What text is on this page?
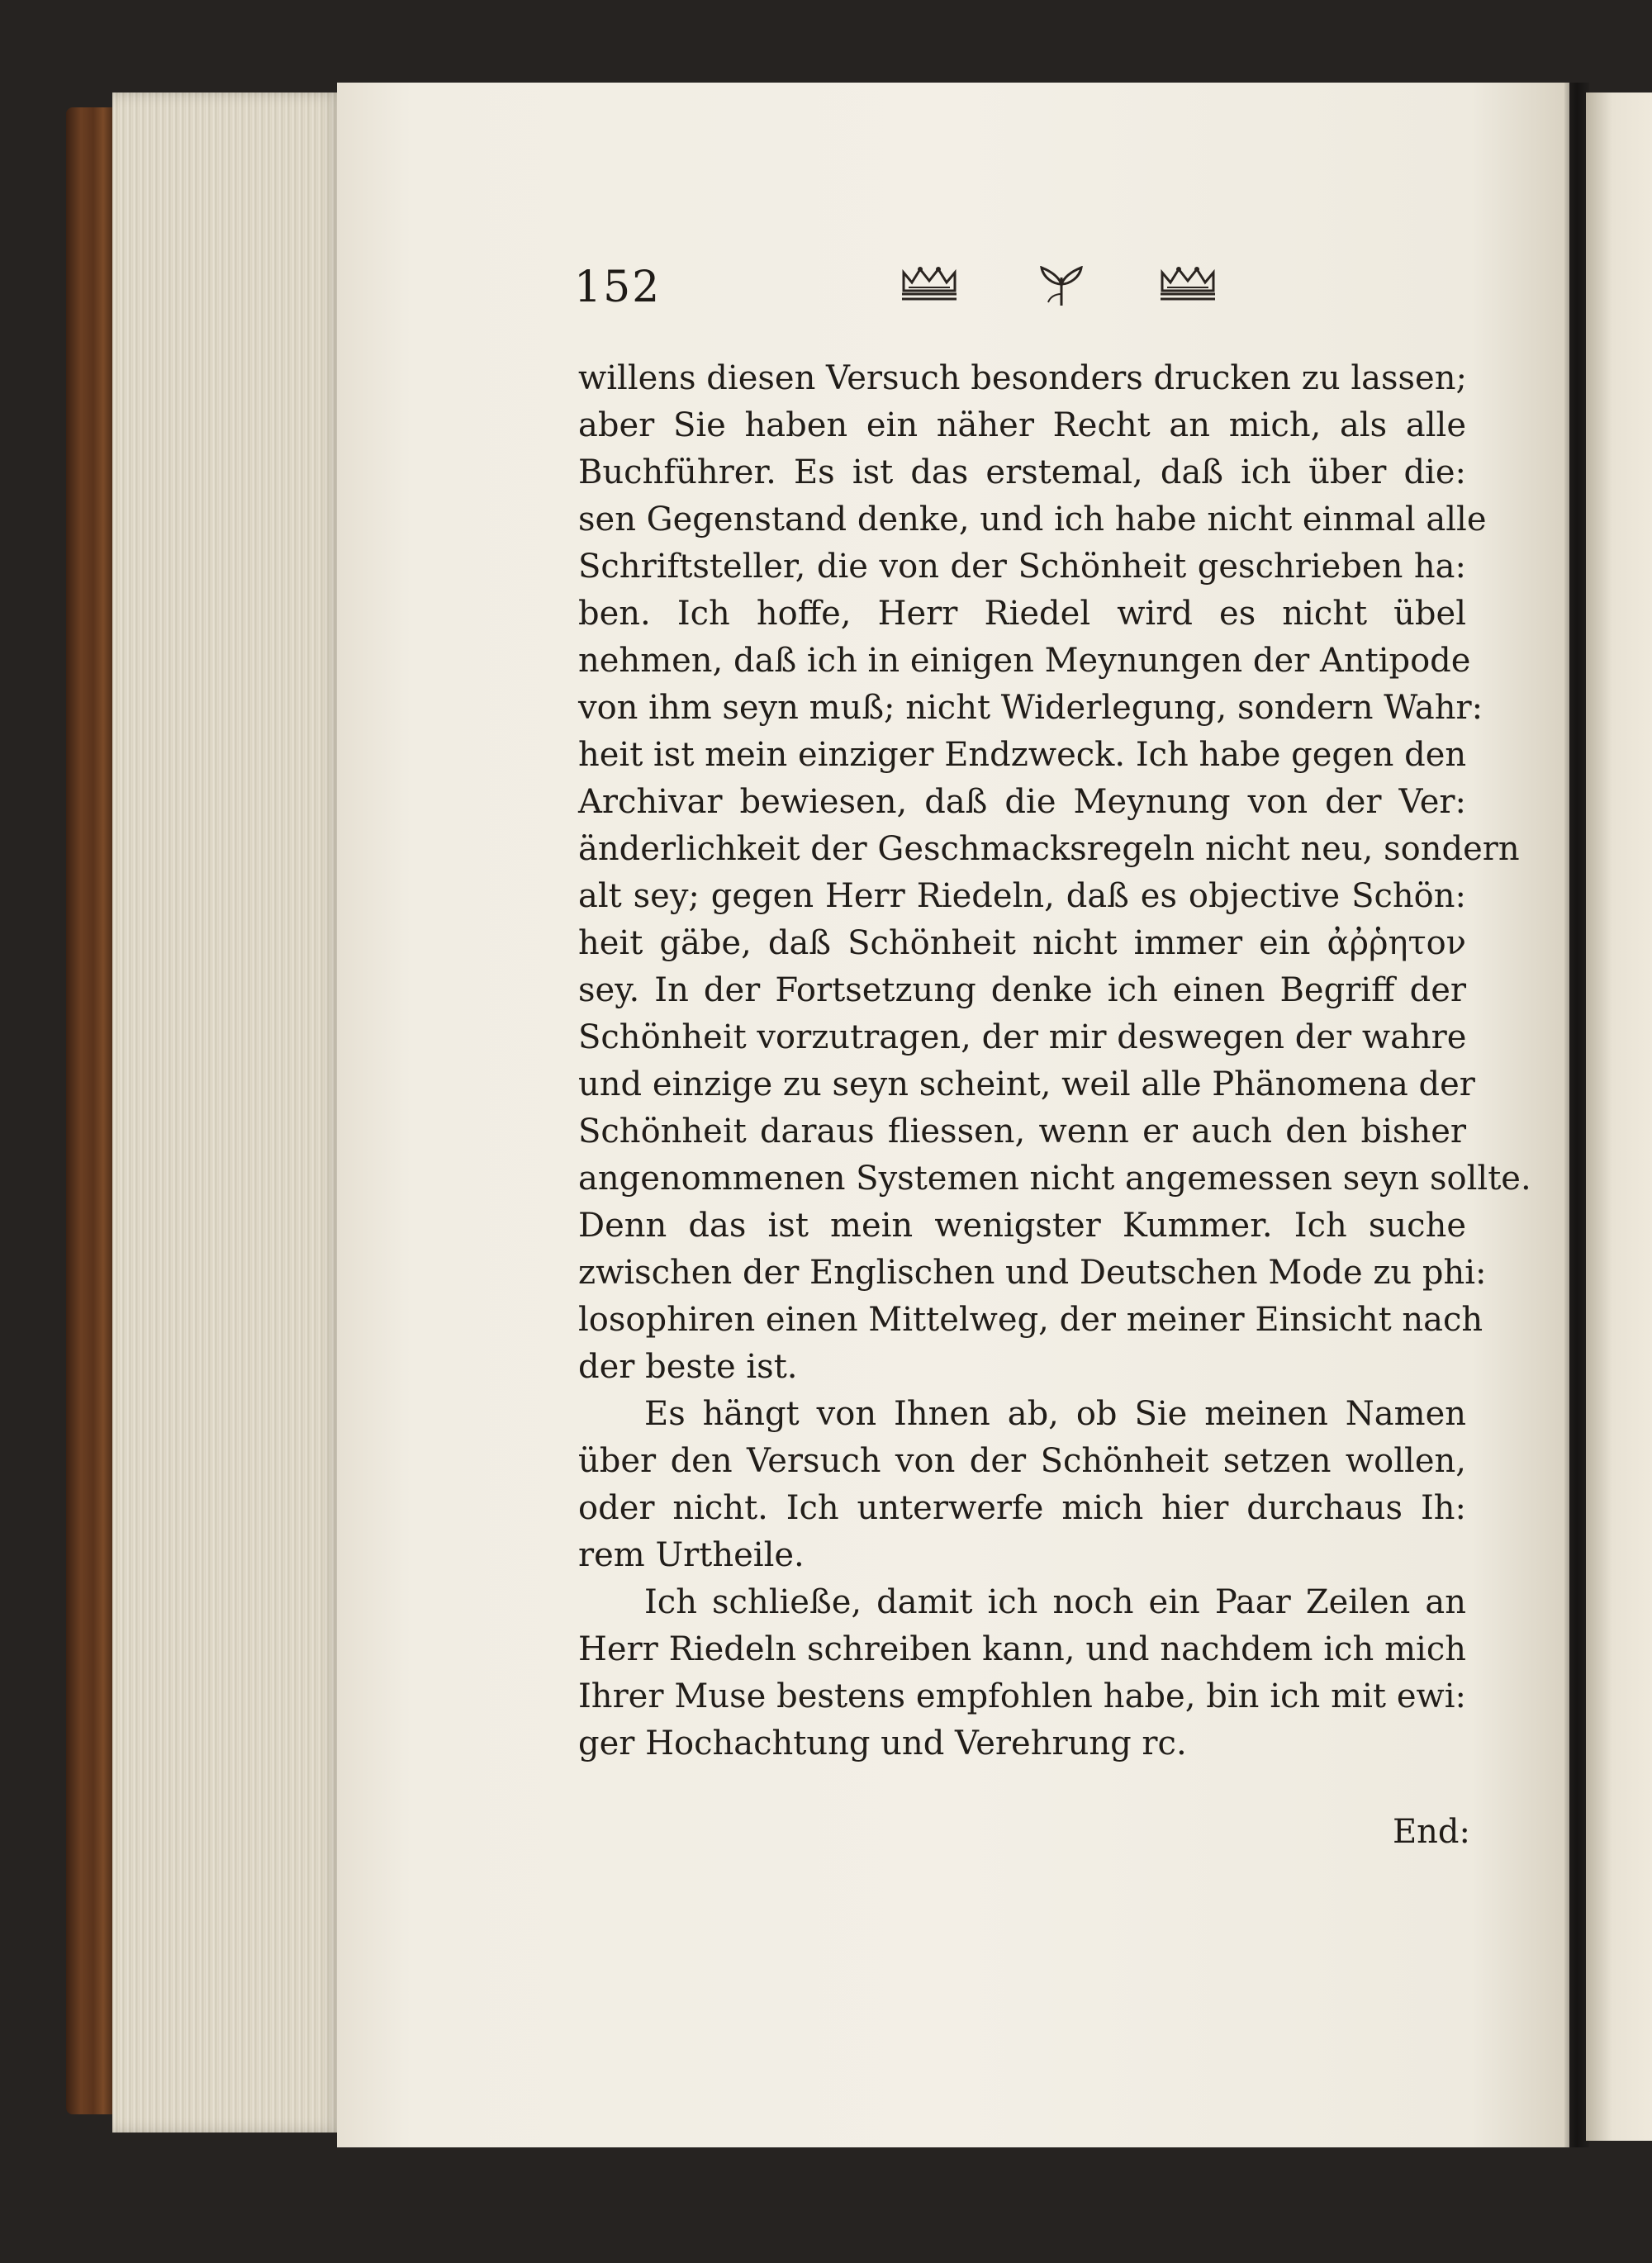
152
willens diesen Versuch besonders drucken zu lassen;
aber Sie haben ein näher Recht an mich, als alle
Buchführer. Es ist das erstemal, daß ich über die:
sen Gegenstand denke, und ich habe nicht einmal alle
Schriftsteller, die von der Schönheit geschrieben ha:
ben. Ich hoffe, Herr Riedel wird es nicht übel
nehmen, daß ich in einigen Meynungen der Antipode
von ihm seyn muß; nicht Widerlegung, sondern Wahr:
heit ist mein einziger Endzweck. Ich habe gegen den
Archivar bewiesen, daß die Meynung von der Ver:
änderlichkeit der Geschmacksregeln nicht neu, sondern
alt sey; gegen Herr Riedeln, daß es objective Schön:
heit gäbe, daß Schönheit nicht immer ein ἀῤῥητον
sey. In der Fortsetzung denke ich einen Begriff der
Schönheit vorzutragen, der mir deswegen der wahre
und einzige zu seyn scheint, weil alle Phänomena der
Schönheit daraus fliessen, wenn er auch den bisher
angenommenen Systemen nicht angemessen seyn sollte.
Denn das ist mein wenigster Kummer. Ich suche
zwischen der Englischen und Deutschen Mode zu phi:
losophiren einen Mittelweg, der meiner Einsicht nach
der beste ist.
Es hängt von Ihnen ab, ob Sie meinen Namen
über den Versuch von der Schönheit setzen wollen,
oder nicht. Ich unterwerfe mich hier durchaus Ih:
rem Urtheile.
Ich schließe, damit ich noch ein Paar Zeilen an
Herr Riedeln schreiben kann, und nachdem ich mich
Ihrer Muse bestens empfohlen habe, bin ich mit ewi:
ger Hochachtung und Verehrung rc.
End:
